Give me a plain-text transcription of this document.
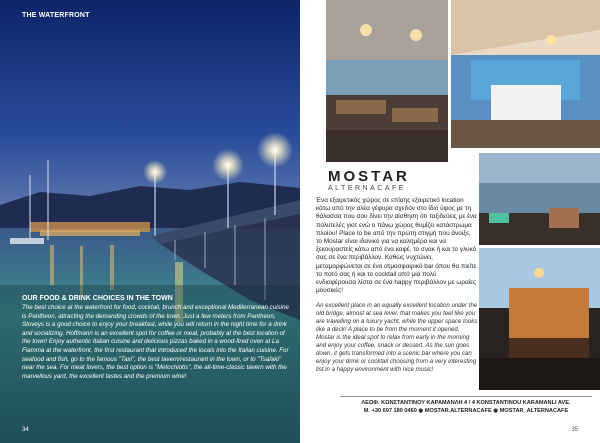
THE WATERFRONT

OUR FOOD & DRINK CHOICES IN THE TOWN

The best choice at the waterfront for food, cocktail, brunch and exceptional Mediterranean cuisine is Pantheon, attracting the demanding crowds of the town. Just a few meters from Pantheon, Stoveys is a good choice to enjoy your breakfast, while you will return in the night time for a drink and socializing. Hoffmann is an excellent spot for coffee or meal, probably at the best location of the town! Enjoy authentic Italian cuisine and delicious pizzas baked in a wood-fired oven at La Fiamma at the waterfront, the first restaurant that introduced the locals into the Italian cuisine. For seafood and fish, go to the famous "Taxi", the best tavern/restaurant in the town, or to "Tsafaki" near the sea. For meat lovers, the best option is "Metochiotis", the all-time-classic tavern with the marvellous yard, the excellent tastes and the premium wine!

34

MOSTAR

ALTERNACAFE

Ένα εξαιρετικός χώρος σε επίσης εξαιρετικό location κάτω από την αλέα γέφυρα σχεδόν στο ίδιο ύψος με τη θάλασσα που σου δίνει την αίσθηση ότι ταξιδεύεις με ένα πολυτελές γιοτ ενώ ο πάνω χώρος θυμίζει κατάστρωμα πλοίου! Place to be από την πρώτη στιγμή που άνοιξε, το Mostar είναι ιδανικό για να καλημέρα και να ξεκουραστείς κάτω από ένα καφέ, το σνακ ή και το γλυκό σας σε ένα περιβάλλον. Καθώς νυχτώνει, μεταμορφώνεται σε ένα ατμοσφαιρικό bar όπου θα πιείτε το ποτό σας ή και το cocktail από μια πολύ ενδιαφέρουσα λίστα σε ένα happy περιβάλλον με ωραίες μουσικές!

An excellent place in an equally excellent location under the old bridge, almost at sea level, that makes you feel like you are travelling on a luxury yacht, while the upper space looks like a deck! A place to be from the moment it opened, Mostar is the ideal spot to relax from early in the morning and enjoy your coffee, snack or dessert. As the sun goes down, it gets transformed into a scenic bar where you can enjoy your drink or cocktail choosing from a very interesting list in a happy environment with nice music!

ΛΕΩΦ. ΚΩΝΣΤΑΝΤΙΝΟΥ ΚΑΡΑΜΑΝΛΗ 4 / 4 KONSTANTINOU KARAMANLI AVE.
M. +30 697 180 0460 ◉ MOSTAR.ALTERNACAFE ◉ MOSTAR_ALTERNACAFE
35
